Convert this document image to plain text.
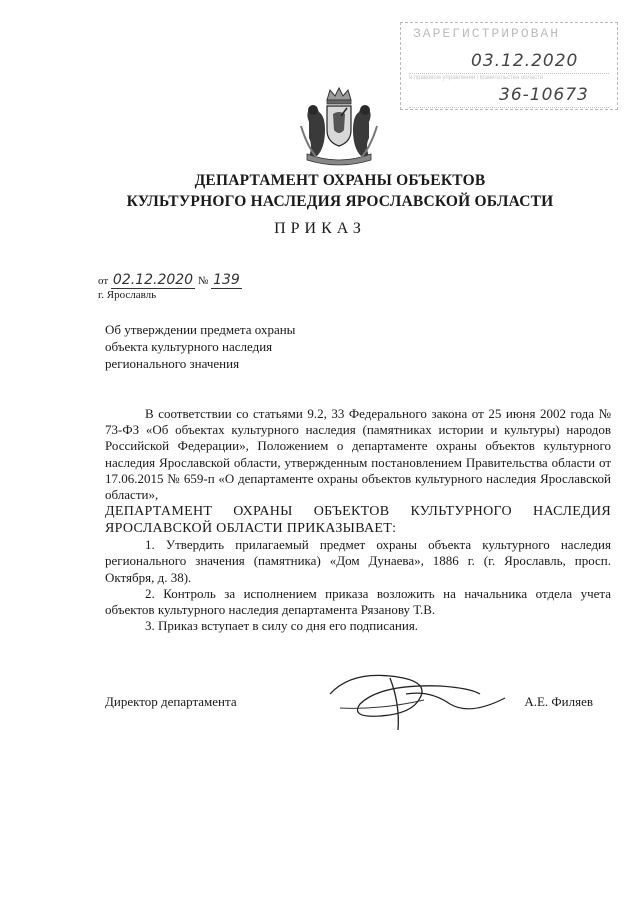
ЗАРЕГИСТРИРОВАН
03.12.2020
в правовом управлении Правительства области
36-10673
ДЕПАРТАМЕНТ ОХРАНЫ ОБЪЕКТОВ
КУЛЬТУРНОГО НАСЛЕДИЯ ЯРОСЛАВСКОЙ ОБЛАСТИ
ПРИКАЗ
от 02.12.2020 № 139
г. Ярославль
Об утверждении предмета охраны
объекта культурного наследия
регионального значения

В соответствии со статьями 9.2, 33 Федерального закона от 25 июня 2002 года № 73-ФЗ «Об объектах культурного наследия (памятниках истории и культуры) народов Российской Федерации», Положением о департаменте охраны объектов культурного наследия Ярославской области, утвержденным постановлением Правительства области от 17.06.2015 № 659-п «О департаменте охраны объектов культурного наследия Ярославской области»,

ДЕПАРТАМЕНТ ОХРАНЫ ОБЪЕКТОВ КУЛЬТУРНОГО НАСЛЕДИЯ ЯРОСЛАВСКОЙ ОБЛАСТИ ПРИКАЗЫВАЕТ:

1. Утвердить прилагаемый предмет охраны объекта культурного наследия регионального значения (памятника) «Дом Дунаева», 1886 г. (г. Ярославль, просп. Октября, д. 38).

2. Контроль за исполнением приказа возложить на начальника отдела учета объектов культурного наследия департамента Рязанову Т.В.

3. Приказ вступает в силу со дня его подписания.

Директор департамента	А.Е. Филяев
